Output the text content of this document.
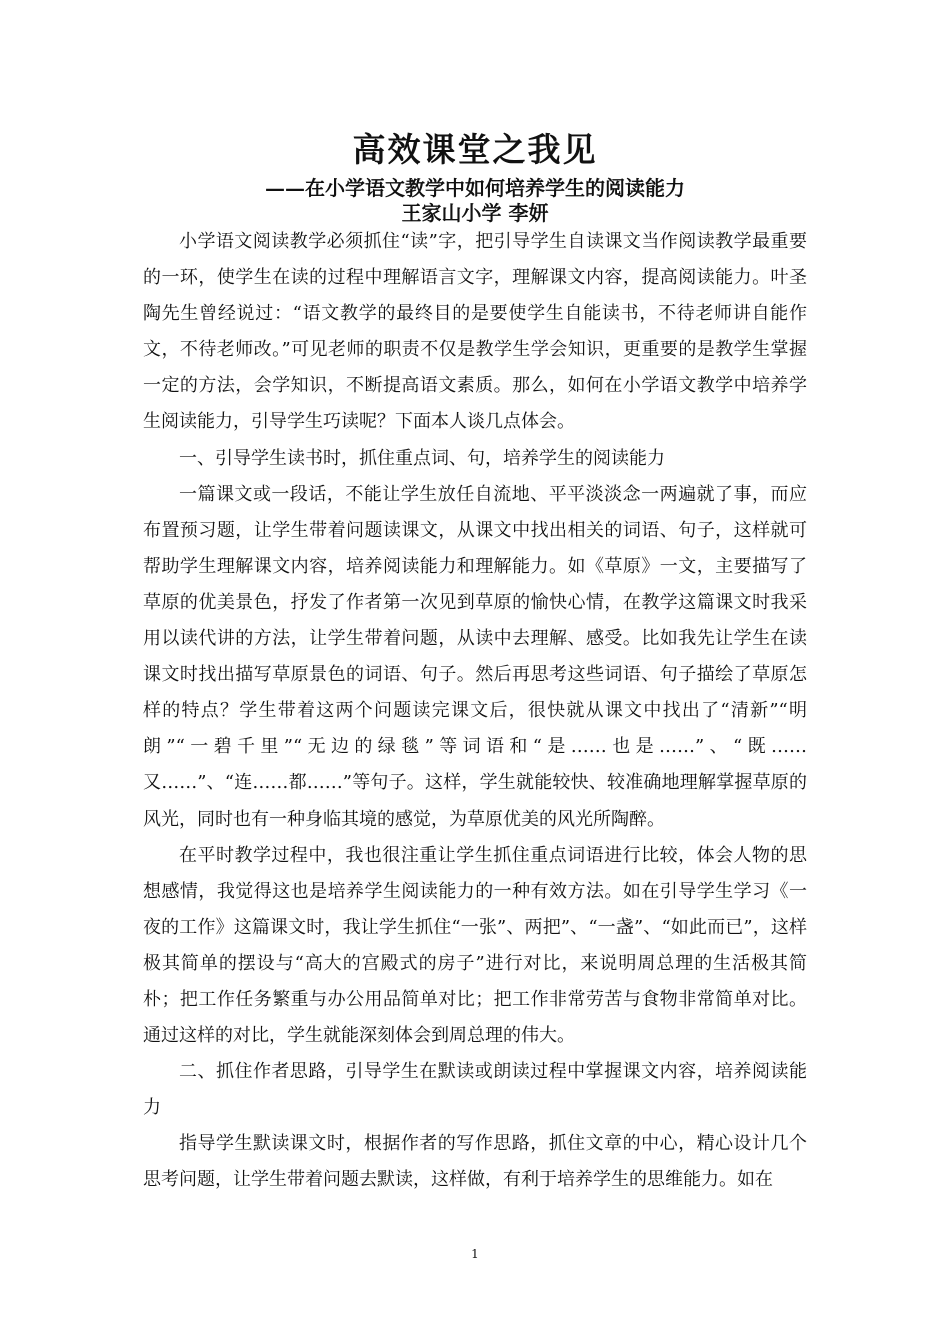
高效课堂之我见
——在小学语文教学中如何培养学生的阅读能力
王家山小学 李妍

小学语文阅读教学必须抓住“读”字，把引导学生自读课文当作阅读教学最重要的一环，使学生在读的过程中理解语言文字，理解课文内容，提高阅读能力。叶圣陶先生曾经说过：“语文教学的最终目的是要使学生自能读书，不待老师讲自能作文，不待老师改。”可见老师的职责不仅是教学生学会知识，更重要的是教学生掌握一定的方法，会学知识，不断提高语文素质。那么，如何在小学语文教学中培养学生阅读能力，引导学生巧读呢？下面本人谈几点体会。

一、引导学生读书时，抓住重点词、句，培养学生的阅读能力

一篇课文或一段话，不能让学生放任自流地、平平淡淡念一两遍就了事，而应布置预习题，让学生带着问题读课文，从课文中找出相关的词语、句子，这样就可帮助学生理解课文内容，培养阅读能力和理解能力。如《草原》一文，主要描写了草原的优美景色，抒发了作者第一次见到草原的愉快心情，在教学这篇课文时我采用以读代讲的方法，让学生带着问题，从读中去理解、感受。比如我先让学生在读课文时找出描写草原景色的词语、句子。然后再思考这些词语、句子描绘了草原怎样的特点？学生带着这两个问题读完课文后，很快就从课文中找出了“清新”“明朗”“一碧千里”“无边的绿毯”等词语和“是……也是……”、“既……又……”、“连……都……”等句子。这样，学生就能较快、较准确地理解掌握草原的风光，同时也有一种身临其境的感觉，为草原优美的风光所陶醉。

在平时教学过程中，我也很注重让学生抓住重点词语进行比较，体会人物的思想感情，我觉得这也是培养学生阅读能力的一种有效方法。如在引导学生学习《一夜的工作》这篇课文时，我让学生抓住“一张”、两把”、“一盏”、“如此而已”，这样极其简单的摆设与“高大的宫殿式的房子”进行对比，来说明周总理的生活极其简朴；把工作任务繁重与办公用品简单对比；把工作非常劳苦与食物非常简单对比。通过这样的对比，学生就能深刻体会到周总理的伟大。

二、抓住作者思路，引导学生在默读或朗读过程中掌握课文内容，培养阅读能力

指导学生默读课文时，根据作者的写作思路，抓住文章的中心，精心设计几个思考问题，让学生带着问题去默读，这样做，有利于培养学生的思维能力。如在

1
